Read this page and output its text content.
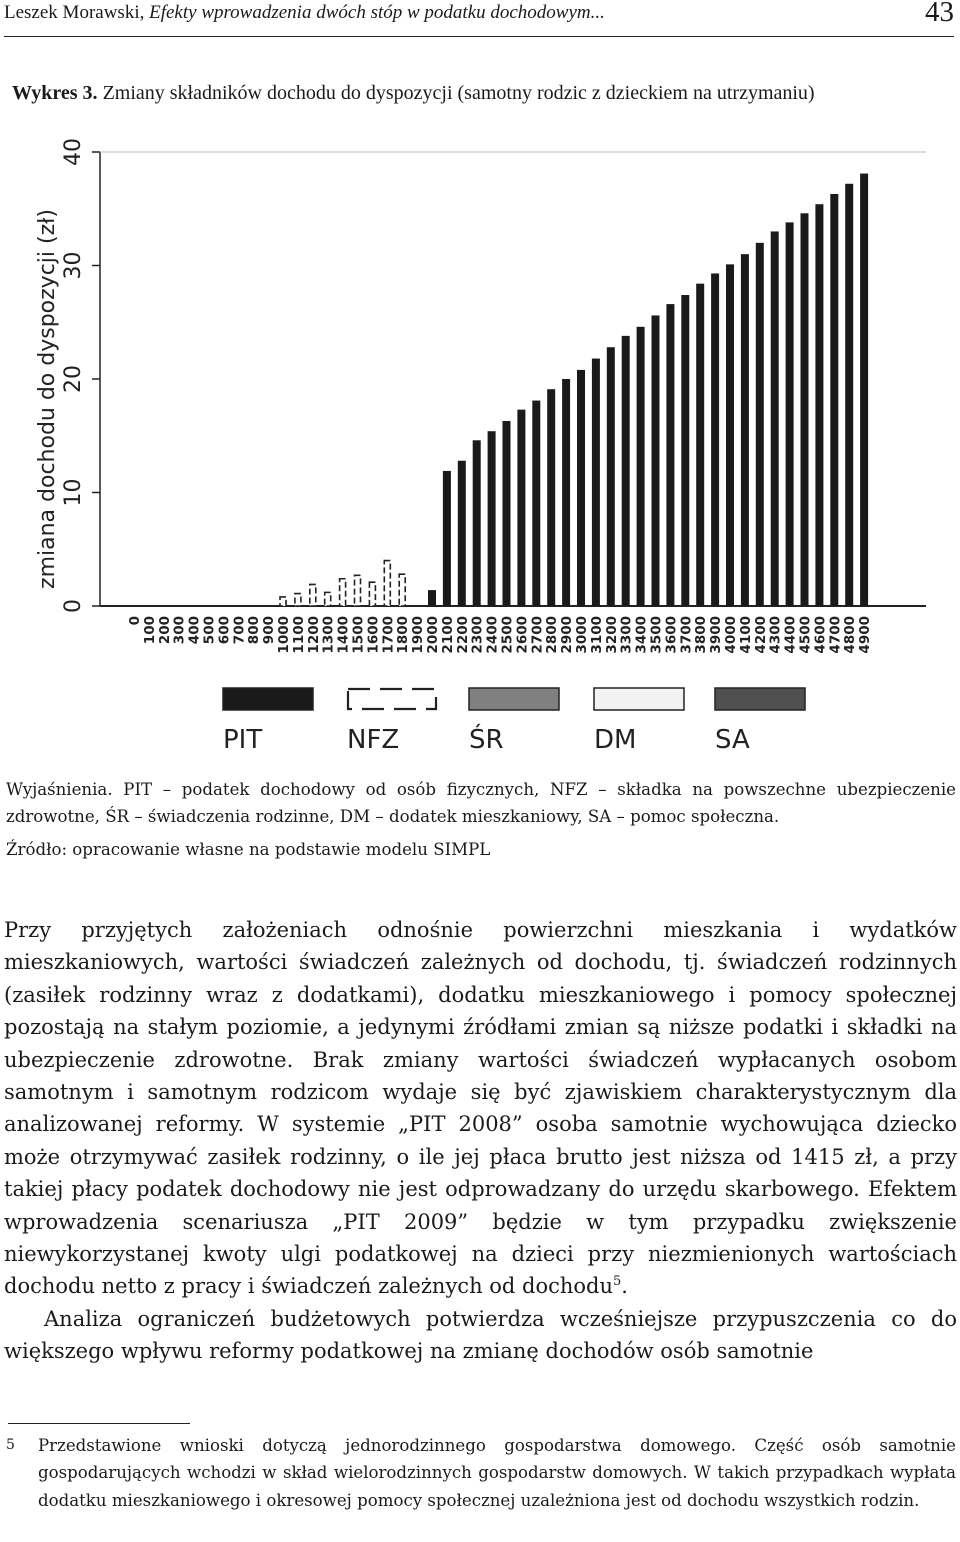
Leszek Morawski, Efekty wprowadzenia dwóch stóp w podatku dochodowym...	43
Wykres 3. Zmiany składników dochodu do dyspozycji (samotny rodzic z dzieckiem na utrzymaniu)
0
10
20
30
40
zmiana dochodu do dyspozycji (zł)
0
100
200
300
400
500
600
700
800
900
1000
1100
1200
1300
1400
1500
1600
1700
1800
1900
2000
2100
2200
2300
2400
2500
2600
2700
2800
2900
3000
3100
3200
3300
3400
3500
3600
3700
3800
3900
4000
4100
4200
4300
4400
4500
4600
4700
4800
4900
PIT	NFZ	ŚR	DM	SA
Wyjaśnienia. PIT – podatek dochodowy od osób fizycznych, NFZ – składka na powszechne ubezpieczenie zdrowotne, ŚR – świadczenia rodzinne, DM – dodatek mieszkaniowy, SA – pomoc społeczna.
Źródło: opracowanie własne na podstawie modelu SIMPL

Przy przyjętych założeniach odnośnie powierzchni mieszkania i wydatków mieszkaniowych, wartości świadczeń zależnych od dochodu, tj. świadczeń rodzinnych (zasiłek rodzinny wraz z dodatkami), dodatku mieszkaniowego i pomocy społecznej pozostają na stałym poziomie, a jedynymi źródłami zmian są niższe podatki i składki na ubezpieczenie zdrowotne. Brak zmiany wartości świadczeń wypłacanych osobom samotnym i samotnym rodzicom wydaje się być zjawiskiem charakterystycznym dla analizowanej reformy. W systemie „PIT 2008” osoba samotnie wychowująca dziecko może otrzymywać zasiłek rodzinny, o ile jej płaca brutto jest niższa od 1415 zł, a przy takiej płacy podatek dochodowy nie jest odprowadzany do urzędu skarbowego. Efektem wprowadzenia scenariusza „PIT 2009” będzie w tym przypadku zwiększenie niewykorzystanej kwoty ulgi podatkowej na dzieci przy niezmienionych wartościach dochodu netto z pracy i świadczeń zależnych od dochodu$^5$.

Analiza ograniczeń budżetowych potwierdza wcześniejsze przypuszczenia co do większego wpływu reformy podatkowej na zmianę dochodów osób samotnie

5 Przedstawione wnioski dotyczą jednorodzinnego gospodarstwa domowego. Część osób samotnie gospodarujących wchodzi w skład wielorodzinnych gospodarstw domowych. W takich przypadkach wypłata dodatku mieszkaniowego i okresowej pomocy społecznej uzależniona jest od dochodu wszystkich rodzin.
